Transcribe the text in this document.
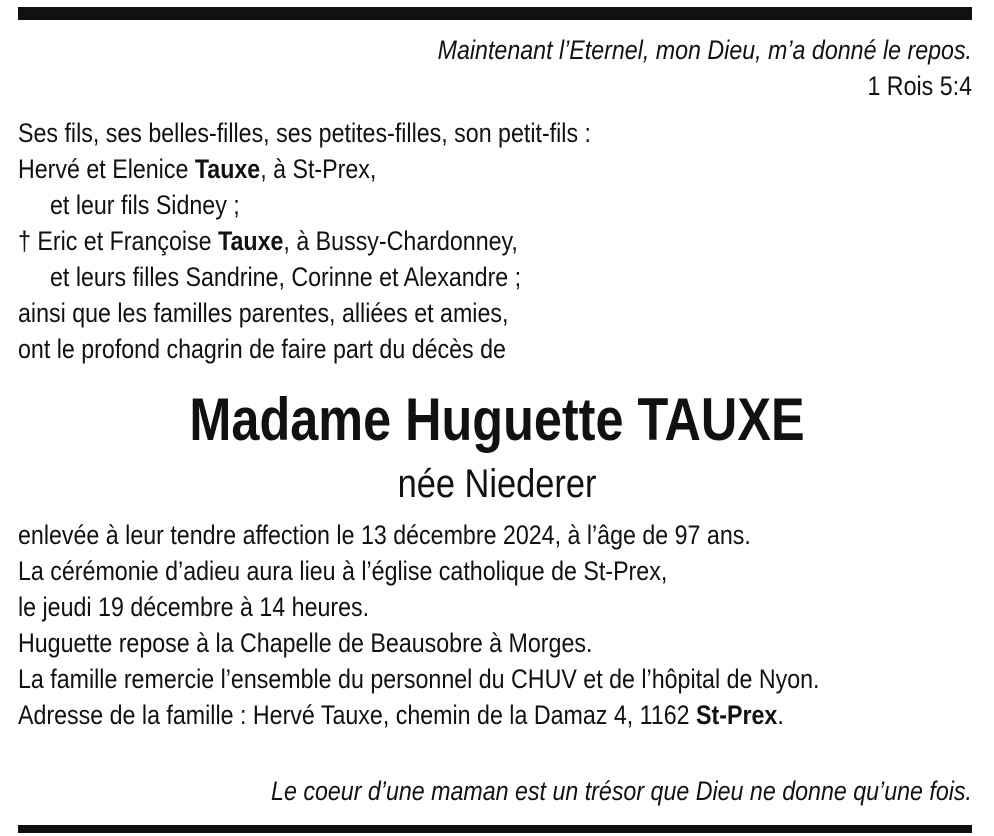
Maintenant l’Eternel, mon Dieu, m’a donné le repos.
1 Rois 5:4
Ses fils, ses belles-filles, ses petites-filles, son petit-fils :
Hervé et Elenice Tauxe, à St-Prex,
et leur fils Sidney ;
† Eric et Françoise Tauxe, à Bussy-Chardonney,
et leurs filles Sandrine, Corinne et Alexandre ;
ainsi que les familles parentes, alliées et amies,
ont le profond chagrin de faire part du décès de
Madame Huguette TAUXE
née Niederer
enlevée à leur tendre affection le 13 décembre 2024, à l’âge de 97 ans.
La cérémonie d’adieu aura lieu à l’église catholique de St-Prex,
le jeudi 19 décembre à 14 heures.
Huguette repose à la Chapelle de Beausobre à Morges.
La famille remercie l’ensemble du personnel du CHUV et de l’hôpital de Nyon.
Adresse de la famille : Hervé Tauxe, chemin de la Damaz 4, 1162 St-Prex.
Le coeur d’une maman est un trésor que Dieu ne donne qu’une fois.
